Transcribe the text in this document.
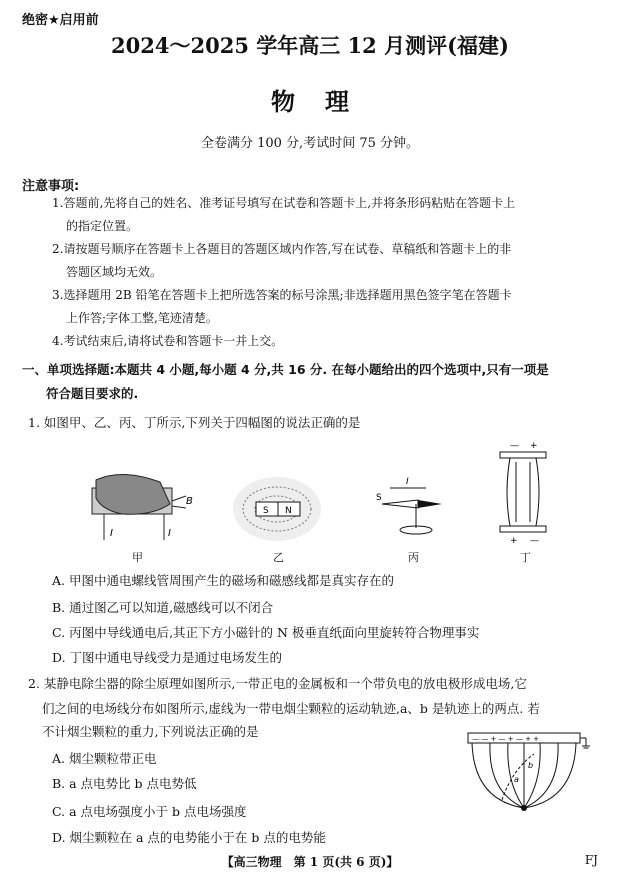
绝密★启用前
2024～2025 学年高三 12 月测评(福建)
物理
全卷满分 100 分,考试时间 75 分钟。
注意事项:
1.答题前,先将自己的姓名、准考证号填写在试卷和答题卡上,并将条形码粘贴在答题卡上
的指定位置。
2.请按题号顺序在答题卡上各题目的答题区域内作答,写在试卷、草稿纸和答题卡上的非
答题区域均无效。
3.选择题用 2B 铅笔在答题卡上把所选答案的标号涂黑;非选择题用黑色签字笔在答题卡
上作答;字体工整,笔迹清楚。
4.考试结束后,请将试卷和答题卡一并上交。
一、单项选择题:本题共 4 小题,每小题 4 分,共 16 分. 在每小题给出的四个选项中,只有一项是
符合题目要求的.
1. 如图甲、乙、丙、丁所示,下列关于四幅图的说法正确的是
B
I	I
S N
I
S
— +
+ —
甲	乙	丙	丁
A. 甲图中通电螺线管周围产生的磁场和磁感线都是真实存在的
B. 通过图乙可以知道,磁感线可以不闭合
C. 丙图中导线通电后,其正下方小磁针的 N 极垂直纸面向里旋转符合物理事实
D. 丁图中通电导线受力是通过电场发生的
2. 某静电除尘器的除尘原理如图所示,一带正电的金属板和一个带负电的放电极形成电场,它
们之间的电场线分布如图所示,虚线为一带电烟尘颗粒的运动轨迹,a、b 是轨迹上的两点. 若
不计烟尘颗粒的重力,下列说法正确的是	— — + — + — + +
a
b
A. 烟尘颗粒带正电
B. a 点电势比 b 点电势低
C. a 点电场强度小于 b 点电场强度
D. 烟尘颗粒在 a 点的电势能小于在 b 点的电势能
【高三物理　第 1 页(共 6 页)】	FJ
